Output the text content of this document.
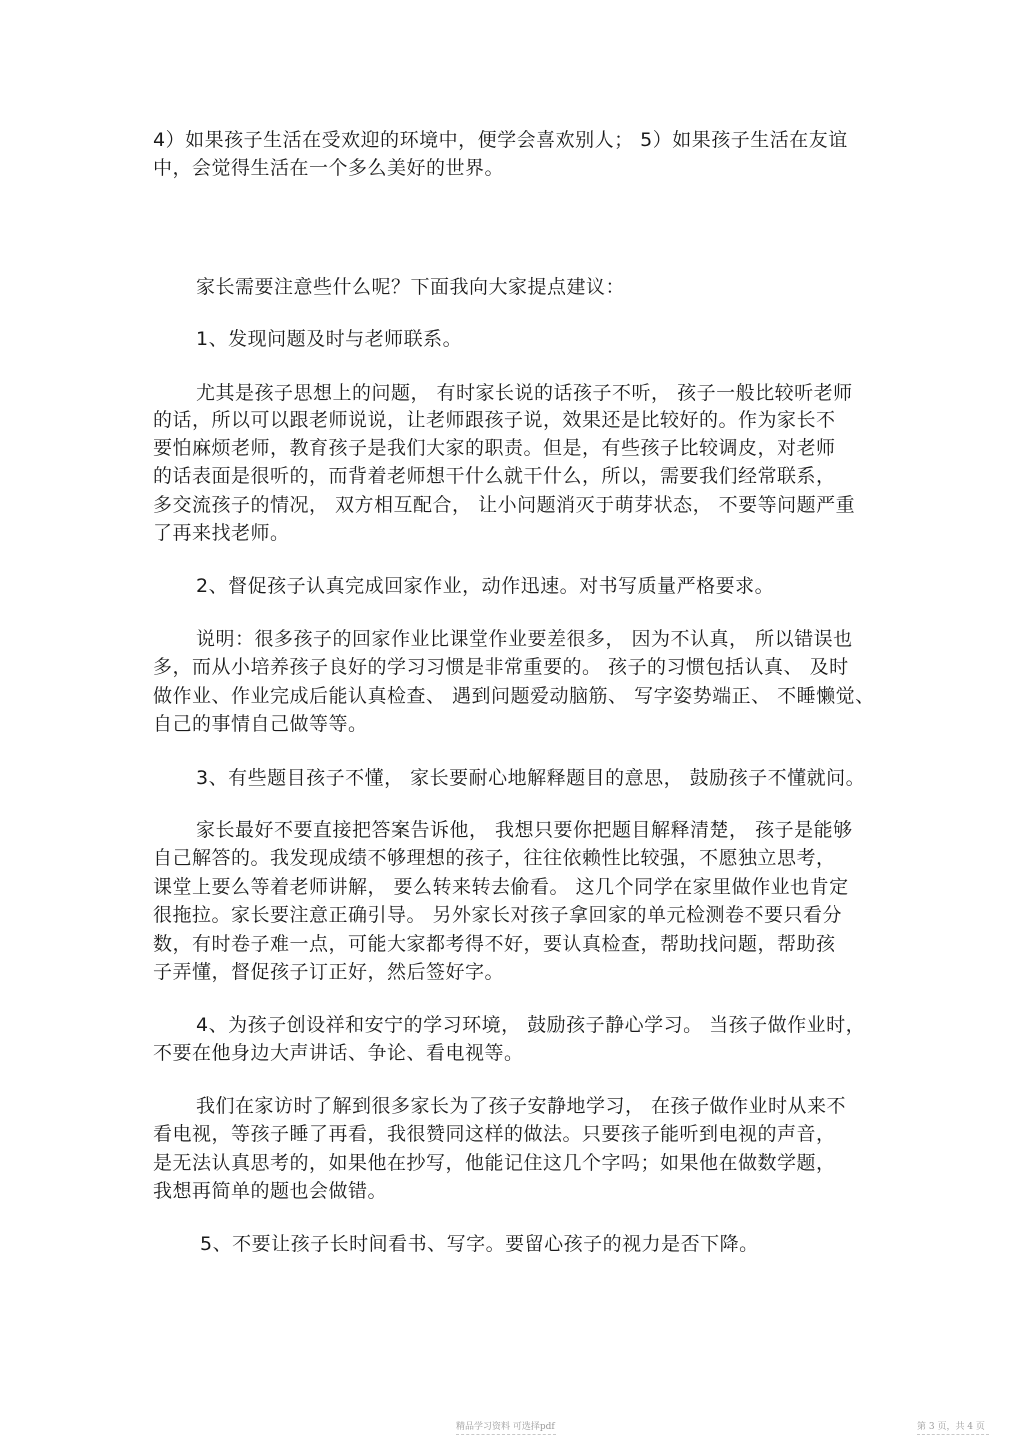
4）如果孩子生活在受欢迎的环境中，便学会喜欢别人； 5）如果孩子生活在友谊
中，会觉得生活在一个多么美好的世界。
家长需要注意些什么呢？下面我向大家提点建议：
1、发现问题及时与老师联系。
尤其是孩子思想上的问题， 有时家长说的话孩子不听， 孩子一般比较听老师
的话，所以可以跟老师说说，让老师跟孩子说，效果还是比较好的。作为家长不
要怕麻烦老师，教育孩子是我们大家的职责。但是，有些孩子比较调皮，对老师
的话表面是很听的，而背着老师想干什么就干什么，所以，需要我们经常联系，
多交流孩子的情况， 双方相互配合， 让小问题消灭于萌芽状态， 不要等问题严重
了再来找老师。
2、督促孩子认真完成回家作业，动作迅速。对书写质量严格要求。
说明：很多孩子的回家作业比课堂作业要差很多， 因为不认真， 所以错误也
多，而从小培养孩子良好的学习习惯是非常重要的。 孩子的习惯包括认真、 及时
做作业、作业完成后能认真检查、 遇到问题爱动脑筋、 写字姿势端正、 不睡懒觉、
自己的事情自己做等等。
3、有些题目孩子不懂， 家长要耐心地解释题目的意思， 鼓励孩子不懂就问。
家长最好不要直接把答案告诉他， 我想只要你把题目解释清楚， 孩子是能够
自己解答的。我发现成绩不够理想的孩子，往往依赖性比较强，不愿独立思考，
课堂上要么等着老师讲解， 要么转来转去偷看。 这几个同学在家里做作业也肯定
很拖拉。家长要注意正确引导。 另外家长对孩子拿回家的单元检测卷不要只看分
数，有时卷子难一点，可能大家都考得不好，要认真检查，帮助找问题，帮助孩
子弄懂，督促孩子订正好，然后签好字。
4、为孩子创设祥和安宁的学习环境， 鼓励孩子静心学习。 当孩子做作业时，
不要在他身边大声讲话、争论、看电视等。
我们在家访时了解到很多家长为了孩子安静地学习， 在孩子做作业时从来不
看电视，等孩子睡了再看，我很赞同这样的做法。只要孩子能听到电视的声音，
是无法认真思考的，如果他在抄写，他能记住这几个字吗；如果他在做数学题，
我想再简单的题也会做错。
5、不要让孩子长时间看书、写字。要留心孩子的视力是否下降。
精品学习资料 可选择pdf	第 3 页，共 4 页
